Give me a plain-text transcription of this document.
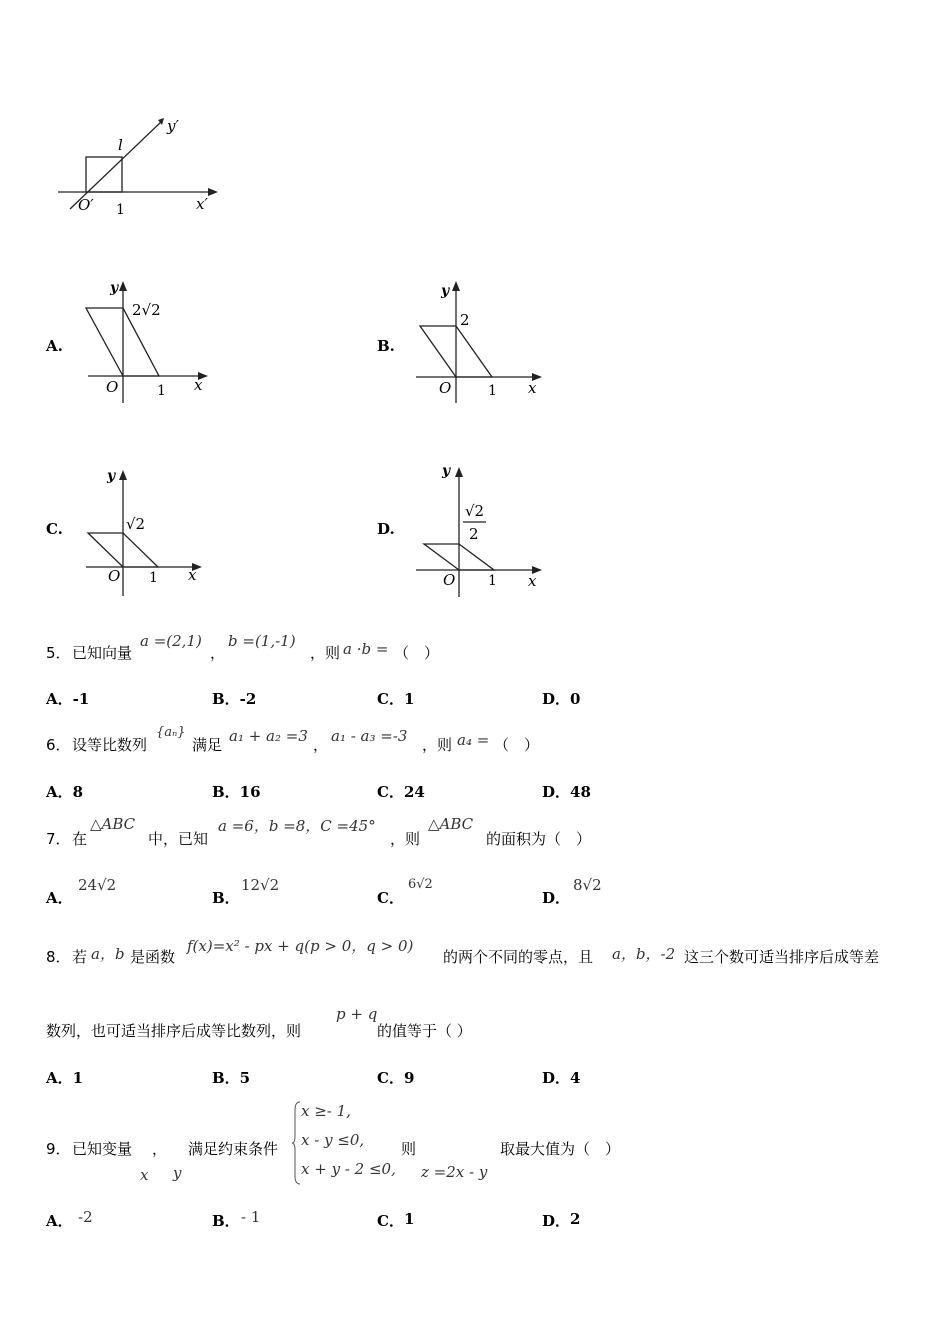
y′
x′
O′
l
1
A.
y
2√2
O	1 x
B.
y
2
O	1 x
C.
y
√2
O 1 x
D.
y
√2
2
O 1 x
5． 已知向量
a =(2,1)
，
b =(1,-1)
，则 a ·b = （　）
A．-1	B．-2	C．1	D．0
6． 设等比数列
{aₙ}
满足 a₁ + a₂ =3 ， a₁ - a₃ =-3 ，则 a₄ = （　）
A．8	B．16	C．24	D．48
7． 在
△ABC
中，已知
a =6，b =8，C =45°
，则
△ABC
的面积为（　）
A．
24√2
B．
12√2
C．
6√2
D．
8√2
8． 若 a，b 是函数
f(x)=x² - px + q(p > 0，q > 0)
的两个不同的零点，且 a，b，-2 这三个数可适当排序后成等差
数列，也可适当排序后成等比数列，则
p + q
的值等于（ ）
A．1	B．5	C．9	D．4
9． 已知变量 ， 满足约束条件
x y
x ≥- 1,
x - y ≤0,
x + y - 2 ≤0,
则
z =2x - y
取最大值为（　）
A． -2	B． - 1	C． 1	D． 2
